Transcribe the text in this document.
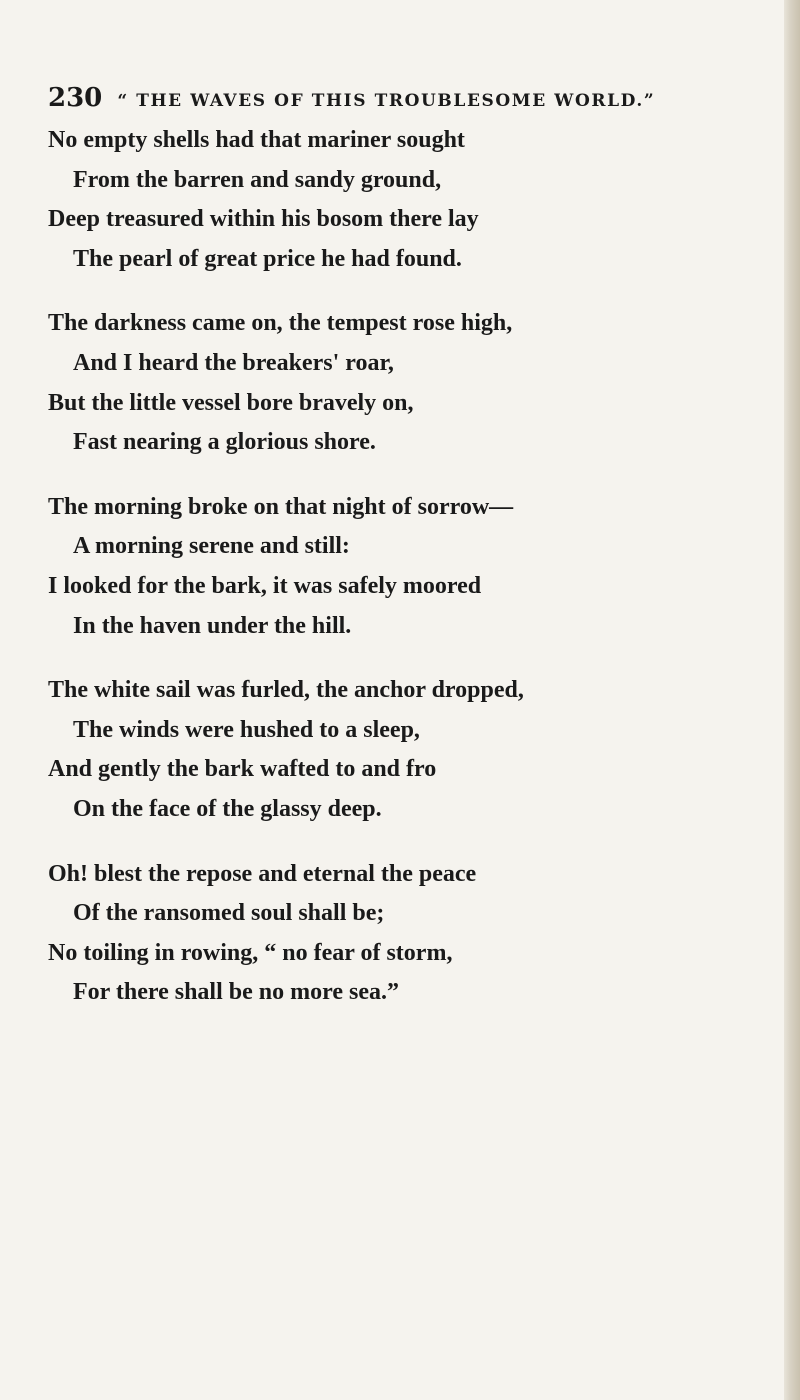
230 “ THE WAVES OF THIS TROUBLESOME WORLD.”
No empty shells had that mariner sought
From the barren and sandy ground,
Deep treasured within his bosom there lay
The pearl of great price he had found.
The darkness came on, the tempest rose high,
And I heard the breakers' roar,
But the little vessel bore bravely on,
Fast nearing a glorious shore.
The morning broke on that night of sorrow—
A morning serene and still:
I looked for the bark, it was safely moored
In the haven under the hill.
The white sail was furled, the anchor dropped,
The winds were hushed to a sleep,
And gently the bark wafted to and fro
On the face of the glassy deep.
Oh! blest the repose and eternal the peace
Of the ransomed soul shall be;
No toiling in rowing, “ no fear of storm,
For there shall be no more sea.”
